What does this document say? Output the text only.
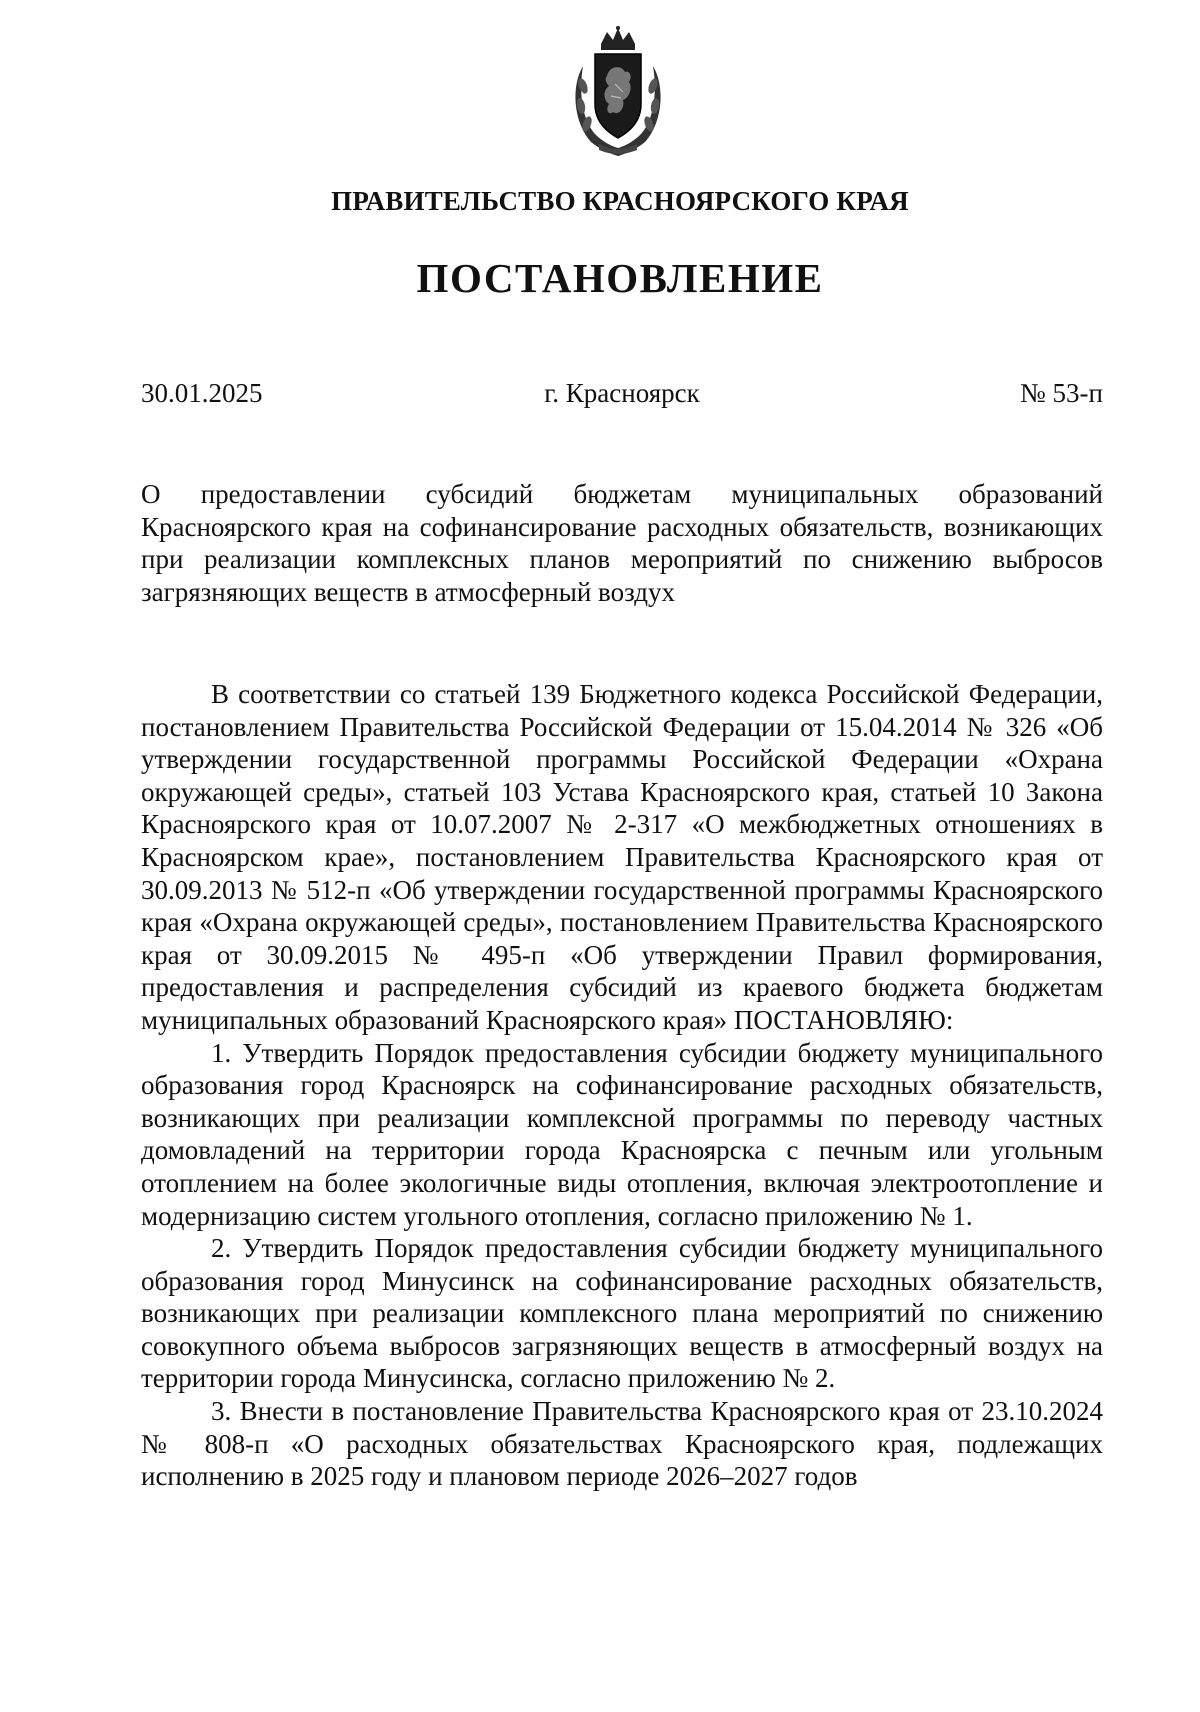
ПРАВИТЕЛЬСТВО КРАСНОЯРСКОГО КРАЯ
ПОСТАНОВЛЕНИЕ
30.01.2025	г. Красноярск	№ 53-п
О предоставлении субсидий бюджетам муниципальных образований Красноярского края на софинансирование расходных обязательств, возникающих при реализации комплексных планов мероприятий по снижению выбросов загрязняющих веществ в атмосферный воздух

В соответствии со статьей 139 Бюджетного кодекса Российской Федерации, постановлением Правительства Российской Федерации от 15.04.2014 № 326 «Об утверждении государственной программы Российской Федерации «Охрана окружающей среды», статьей 103 Устава Красноярского края, статьей 10 Закона Красноярского края от 10.07.2007 № 2-317 «О межбюджетных отношениях в Красноярском крае», постановлением Правительства Красноярского края от 30.09.2013 № 512-п «Об утверждении государственной программы Красноярского края «Охрана окружающей среды», постановлением Правительства Красноярского края от 30.09.2015 № 495-п «Об утверждении Правил формирования, предоставления и распределения субсидий из краевого бюджета бюджетам муниципальных образований Красноярского края» ПОСТАНОВЛЯЮ:

1. Утвердить Порядок предоставления субсидии бюджету муниципального образования город Красноярск на софинансирование расходных обязательств, возникающих при реализации комплексной программы по переводу частных домовладений на территории города Красноярска с печным или угольным отоплением на более экологичные виды отопления, включая электроотопление и модернизацию систем угольного отопления, согласно приложению № 1.

2. Утвердить Порядок предоставления субсидии бюджету муниципального образования город Минусинск на софинансирование расходных обязательств, возникающих при реализации комплексного плана мероприятий по снижению совокупного объема выбросов загрязняющих веществ в атмосферный воздух на территории города Минусинска, согласно приложению № 2.

3. Внести в постановление Правительства Красноярского края от 23.10.2024 № 808-п «О расходных обязательствах Красноярского края, подлежащих исполнению в 2025 году и плановом периоде 2026–2027 годов
